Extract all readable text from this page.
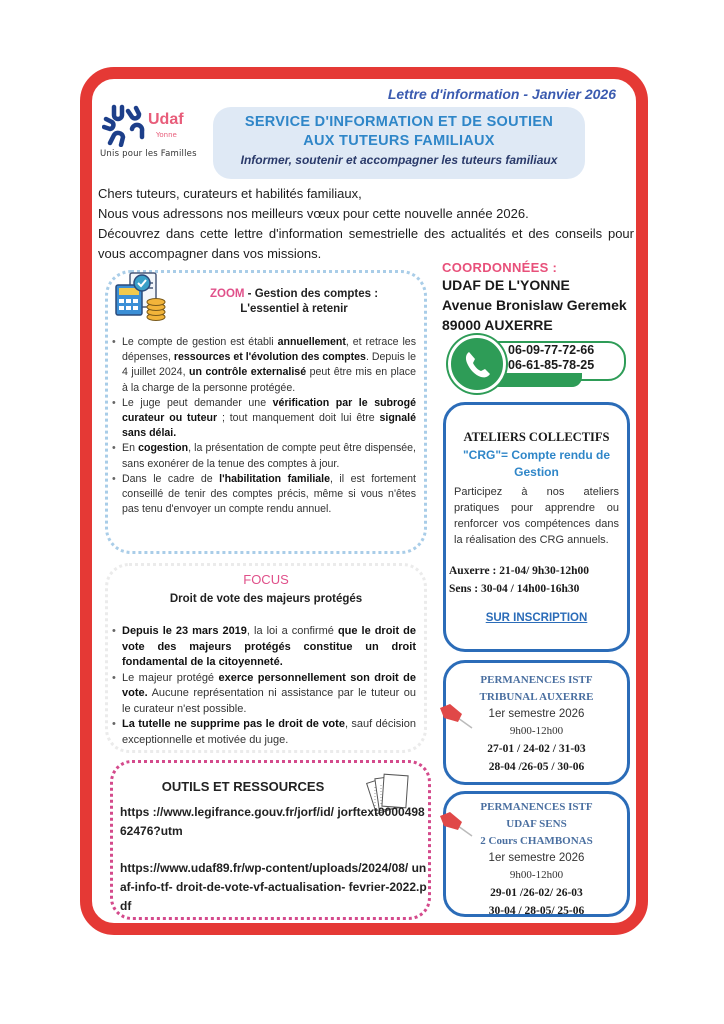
Lettre d'information - Janvier 2026
Udaf
Yonne
Unis pour les Familles
SERVICE D'INFORMATION ET DE SOUTIEN
AUX TUTEURS FAMILIAUX
Informer, soutenir et accompagner les tuteurs familiaux

Chers tuteurs, curateurs et habilités familiaux,

Nous vous adressons nos meilleurs vœux pour cette nouvelle année 2026.

Découvrez dans cette lettre d'information semestrielle des actualités et des conseils pour vous accompagner dans vos missions.

ZOOM - Gestion des comptes :
L'essentiel à retenir
• Le compte de gestion est établi annuellement, et retrace les dépenses, ressources et l'évolution des comptes. Depuis le 4 juillet 2024, un contrôle externalisé peut être mis en place à la charge de la personne protégée.
• Le juge peut demander une vérification par le subrogé curateur ou tuteur ; tout manquement doit lui être signalé sans délai.
• En cogestion, la présentation de compte peut être dispensée, sans exonérer de la tenue des comptes à jour.
• Dans le cadre de l'habilitation familiale, il est fortement conseillé de tenir des comptes précis, même si vous n'êtes pas tenu d'envoyer un compte rendu annuel.
FOCUS
Droit de vote des majeurs protégés
• Depuis le 23 mars 2019, la loi a confirmé que le droit de vote des majeurs protégés constitue un droit fondamental de la citoyenneté.
• Le majeur protégé exerce personnellement son droit de vote. Aucune représentation ni assistance par le tuteur ou le curateur n'est possible.
• La tutelle ne supprime pas le droit de vote, sauf décision exceptionnelle et motivée du juge.
OUTILS ET RESSOURCES
https ://www.legifrance.gouv.fr/jorf/id/ jorftext000049862476?utm
https://www.udaf89.fr/wp-content/uploads/2024/08/ unaf-info-tf- droit-de-vote-vf-actualisation- fevrier-2022.pdf
COORDONNÉES :
UDAF DE L'YONNE
Avenue Bronislaw Geremek
89000 AUXERRE
06-09-77-72-66
06-61-85-78-25
ATELIERS COLLECTIFS
"CRG"= Compte rendu de Gestion
Participez à nos ateliers pratiques pour apprendre ou renforcer vos compétences dans la réalisation des CRG annuels.
Auxerre : 21-04/ 9h30-12h00
Sens : 30-04 / 14h00-16h30
SUR INSCRIPTION
PERMANENCES ISTF
TRIBUNAL AUXERRE
1er semestre 2026
9h00-12h00
27-01 / 24-02 / 31-03
28-04 /26-05 / 30-06
PERMANENCES ISTF
UDAF SENS
2 Cours CHAMBONAS
1er semestre 2026
9h00-12h00
29-01 /26-02/ 26-03
30-04 / 28-05/ 25-06
